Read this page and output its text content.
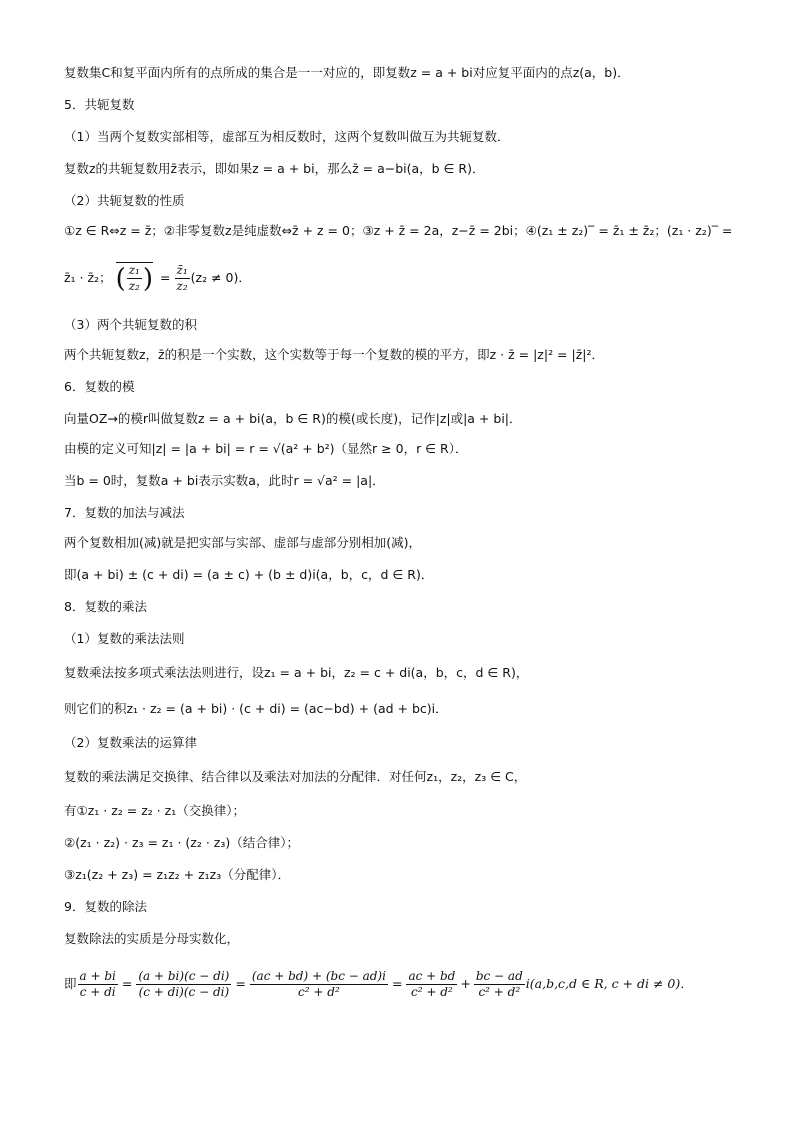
复数集C和复平面内所有的点所成的集合是一一对应的，即复数z = a + bi对应复平面内的点z(a，b)．
5．共轭复数
（1）当两个复数实部相等，虚部互为相反数时，这两个复数叫做互为共轭复数．
复数z的共轭复数用z̄表示，即如果z = a + bi，那么z̄ = a−bi(a，b ∈ R)．
（2）共轭复数的性质
①z ∈ R⇔z = z̄；②非零复数z是纯虚数⇔z̄ + z = 0；③z + z̄ = 2a，z−z̄ = 2bi；④(z₁ ± z₂)‾ = z̄₁ ± z̄₂；(z₁ · z₂)‾ =
z̄₁ · z̄₂； ( $\frac{\text{z₁}}{\text{z₂}}$ ) = $\frac{\text{z̄₁}}{\text{z₂}} (z_2 \ne 0)$．
（3）两个共轭复数的积
两个共轭复数z，z̄的积是一个实数，这个实数等于每一个复数的模的平方，即z · z̄ = |z|² = |z̄|²．
6．复数的模
向量OZ→的模r叫做复数z = a + bi(a，b ∈ R)的模(或长度)，记作|z|或|a + bi|．
由模的定义可知|z| = |a + bi| = r = √(a² + b²)（显然r ≥ 0，r ∈ R）．
当b = 0时，复数a + bi表示实数a，此时r = √a² = |a|．
7．复数的加法与减法
两个复数相加(减)就是把实部与实部、虚部与虚部分别相加(减)，
即(a + bi) ± (c + di) = (a ± c) + (b ± d)i(a，b，c，d ∈ R)．
8．复数的乘法
（1）复数的乘法法则
复数乘法按多项式乘法法则进行，设z₁ = a + bi，z₂ = c + di(a，b，c，d ∈ R)，
则它们的积z₁ · z₂ = (a + bi) · (c + di) = (ac−bd) + (ad + bc)i．
（2）复数乘法的运算律
复数的乘法满足交换律、结合律以及乘法对加法的分配律．对任何z₁，z₂，z₃ ∈ C，
有①z₁ · z₂ = z₂ · z₁（交换律）；
②(z₁ · z₂) · z₃ = z₁ · (z₂ · z₃)（结合律）；
③z₁(z₂ + z₃) = z₁z₂ + z₁z₃（分配律）．
9．复数的除法
复数除法的实质是分母实数化，
即 $\frac{a + bi}{c + di} = \frac{(a + bi)(c - di)}{(c + di)(c - di)} = \frac{(ac + bd) + (bc - ad)i}{\text{c² + d²}} = \frac{ac + bd}{\text{c² + d²}} + \frac{bc - ad}{\text{c² + d²}} i(a,b,c,d$ ∈ R, c + di ≠ 0)．
